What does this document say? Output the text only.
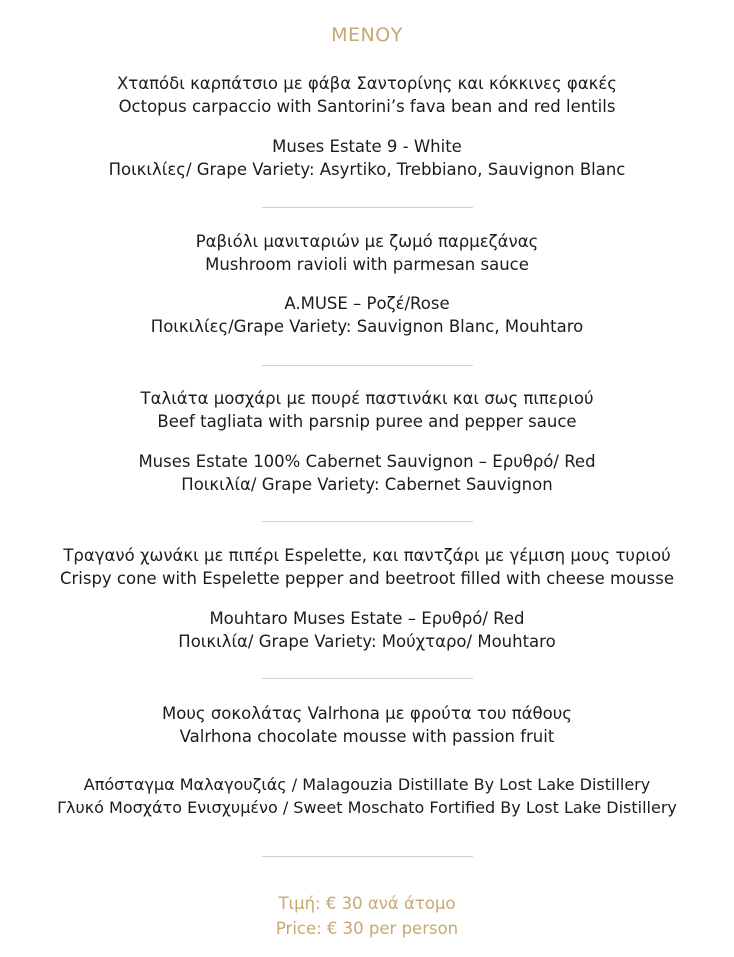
ΜΕΝΟΥ
Χταπόδι καρπάτσιο με φάβα Σαντορίνης και κόκκινες φακές
Octopus carpaccio with Santorini’s fava bean and red lentils
Muses Estate 9 - White
Ποικιλίες/ Grape Variety: Asyrtiko, Trebbiano, Sauvignon Blanc
Ραβιόλι μανιταριών με ζωμό παρμεζάνας
Mushroom ravioli with parmesan sauce
A.MUSE – Ροζέ/Rose
Ποικιλίες/Grape Variety: Sauvignon Blanc, Mouhtaro
Ταλιάτα μοσχάρι με πουρέ παστινάκι και σως πιπεριού
Beef tagliata with parsnip puree and pepper sauce
Muses Estate 100% Cabernet Sauvignon – Ερυθρό/ Red
Ποικιλία/ Grape Variety: Cabernet Sauvignon
Τραγανό χωνάκι με πιπέρι Espelette, και παντζάρι με γέμιση μους τυριού
Crispy cone with Espelette pepper and beetroot filled with cheese mousse
Mouhtaro Muses Estate – Ερυθρό/ Red
Ποικιλία/ Grape Variety: Μούχταρο/ Mouhtaro
Μους σοκολάτας Valrhona με φρούτα του πάθους
Valrhona chocolate mousse with passion fruit
Απόσταγμα Μαλαγουζιάς / Malagouzia Distillate By Lost Lake Distillery
Γλυκό Μοσχάτο Ενισχυμένο / Sweet Moschato Fortified By Lost Lake Distillery
Τιμή: € 30 ανά άτομο
Price: € 30 per person
